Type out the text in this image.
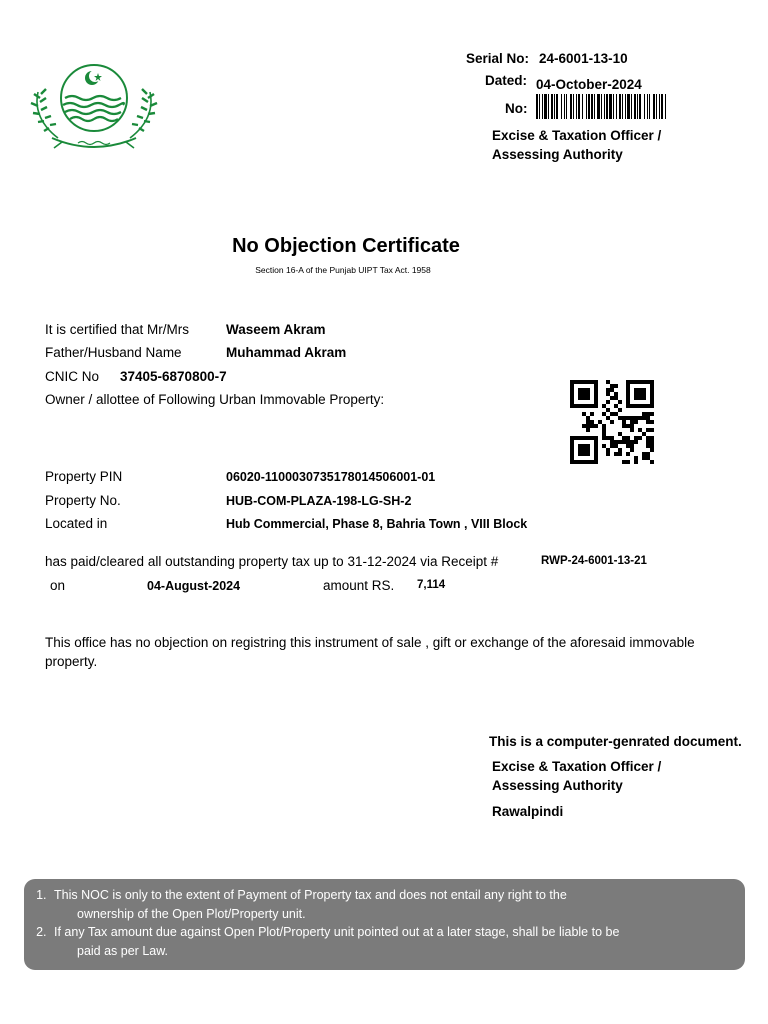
Serial No: 24-6001-13-10
Dated: 04-October-2024
No:
Excise & Taxation Officer /
Assessing Authority
No Objection Certificate
Section 16-A of the Punjab UIPT Tax Act. 1958
It is certified that Mr/Mrs	Waseem Akram
Father/Husband Name	Muhammad Akram
CNIC No 37405-6870800-7
Owner / allottee of Following Urban Immovable Property:
Property PIN	06020-11000307351780145060​01-01
Property No.	HUB-COM-PLAZA-198-LG-SH-2
Located in	Hub Commercial, Phase 8, Bahria Town , VIII Block
has paid/cleared all outstanding property tax up to 31-12-2024 via Receipt #	RWP-24-6001-13-21
on	04-August-2024	amount RS. 7,114
This office has no objection on registring this instrument of sale , gift or exchange of the aforesaid immovable property.
This is a computer-genrated document.
Excise & Taxation Officer /
Assessing Authority
Rawalpindi
1. This NOC is only to the extent of Payment of Property tax and does not entail any right to the
ownership of the Open Plot/Property unit.
2. If any Tax amount due against Open Plot/Property unit pointed out at a later stage, shall be liable to be
paid as per Law.
